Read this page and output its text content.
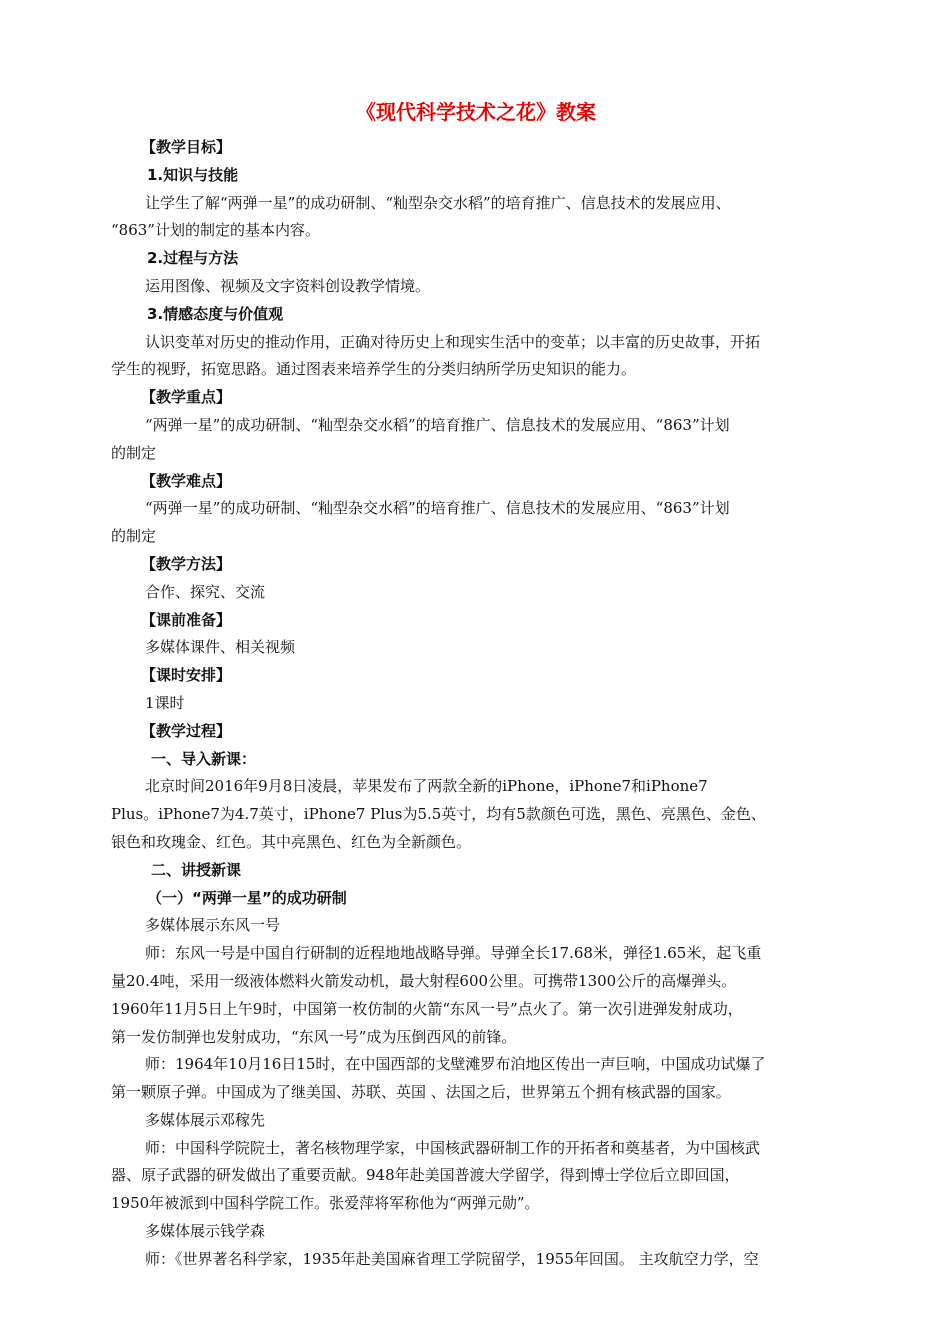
《现代科学技术之花》教案
【教学目标】
1.知识与技能
让学生了解“两弹一星”的成功研制、“籼型杂交水稻”的培育推广、信息技术的发展应用、
“863”计划的制定的基本内容。
2.过程与方法
运用图像、视频及文字资料创设教学情境。
3.情感态度与价值观
认识变革对历史的推动作用，正确对待历史上和现实生活中的变革；以丰富的历史故事，开拓
学生的视野，拓宽思路。通过图表来培养学生的分类归纳所学历史知识的能力。
【教学重点】
“两弹一星”的成功研制、“籼型杂交水稻”的培育推广、信息技术的发展应用、“863”计划
的制定
【教学难点】
“两弹一星”的成功研制、“籼型杂交水稻”的培育推广、信息技术的发展应用、“863”计划
的制定
【教学方法】
合作、探究、交流
【课前准备】
多媒体课件、相关视频
【课时安排】
1课时
【教学过程】
一、导入新课：
北京时间2016年9月8日凌晨，苹果发布了两款全新的iPhone，iPhone7和iPhone7
Plus。iPhone7为4.7英寸，iPhone7 Plus为5.5英寸，均有5款颜色可选，黑色、亮黑色、金色、
银色和玫瑰金、红色。其中亮黑色、红色为全新颜色。
二、讲授新课
（一）“两弹一星”的成功研制
多媒体展示东风一号
师：东风一号是中国自行研制的近程地地战略导弹。导弹全长17.68米，弹径1.65米，起飞重
量20.4吨，采用一级液体燃料火箭发动机，最大射程600公里。可携带1300公斤的高爆弹头。
1960年11月5日上午9时，中国第一枚仿制的火箭“东风一号”点火了。第一次引进弹发射成功，
第一发仿制弹也发射成功，“东风一号”成为压倒西风的前锋。
师：1964年10月16日15时，在中国西部的戈壁滩罗布泊地区传出一声巨响，中国成功试爆了
第一颗原子弹。中国成为了继美国、苏联、英国 、法国之后，世界第五个拥有核武器的国家。
多媒体展示邓稼先
师：中国科学院院士，著名核物理学家，中国核武器研制工作的开拓者和奠基者，为中国核武
器、原子武器的研发做出了重要贡献。948年赴美国普渡大学留学，得到博士学位后立即回国，
1950年被派到中国科学院工作。张爱萍将军称他为“两弹元勋”。
多媒体展示钱学森
师：《世界著名科学家，1935年赴美国麻省理工学院留学，1955年回国。 主攻航空力学，空
